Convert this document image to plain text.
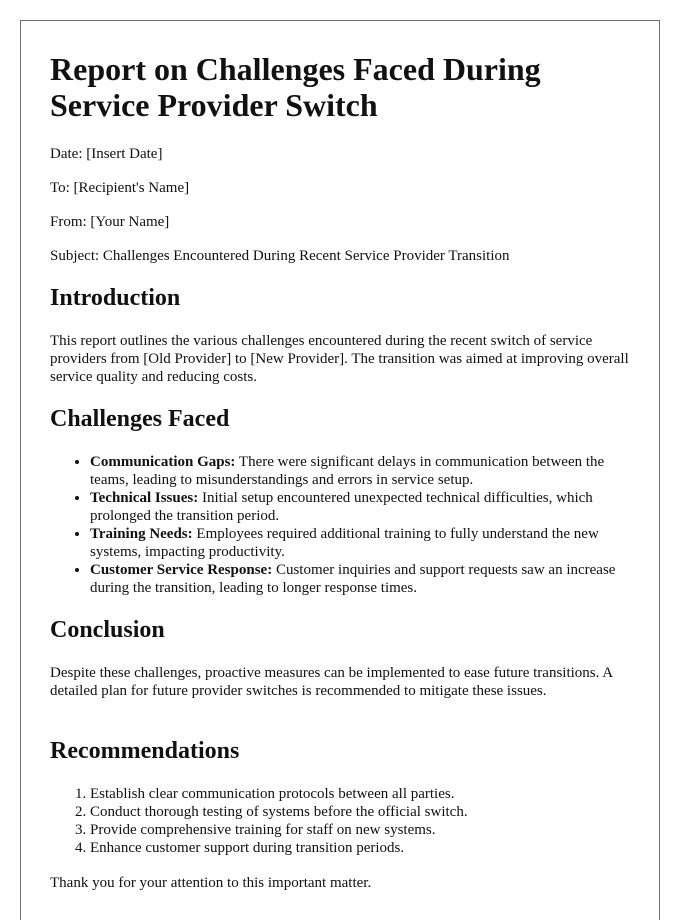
Report on Challenges Faced During Service Provider Switch

Date: [Insert Date]

To: [Recipient's Name]

From: [Your Name]

Subject: Challenges Encountered During Recent Service Provider Transition

Introduction

This report outlines the various challenges encountered during the recent switch of service providers from [Old Provider] to [New Provider]. The transition was aimed at improving overall service quality and reducing costs.

Challenges Faced
• Communication Gaps: There were significant delays in communication between the teams, leading to misunderstandings and errors in service setup.
• Technical Issues: Initial setup encountered unexpected technical difficulties, which prolonged the transition period.
• Training Needs: Employees required additional training to fully understand the new systems, impacting productivity.
• Customer Service Response: Customer inquiries and support requests saw an increase during the transition, leading to longer response times.
Conclusion

Despite these challenges, proactive measures can be implemented to ease future transitions. A detailed plan for future provider switches is recommended to mitigate these issues.

Recommendations
1. Establish clear communication protocols between all parties.
2. Conduct thorough testing of systems before the official switch.
3. Provide comprehensive training for staff on new systems.
4. Enhance customer support during transition periods.

Thank you for your attention to this important matter.
